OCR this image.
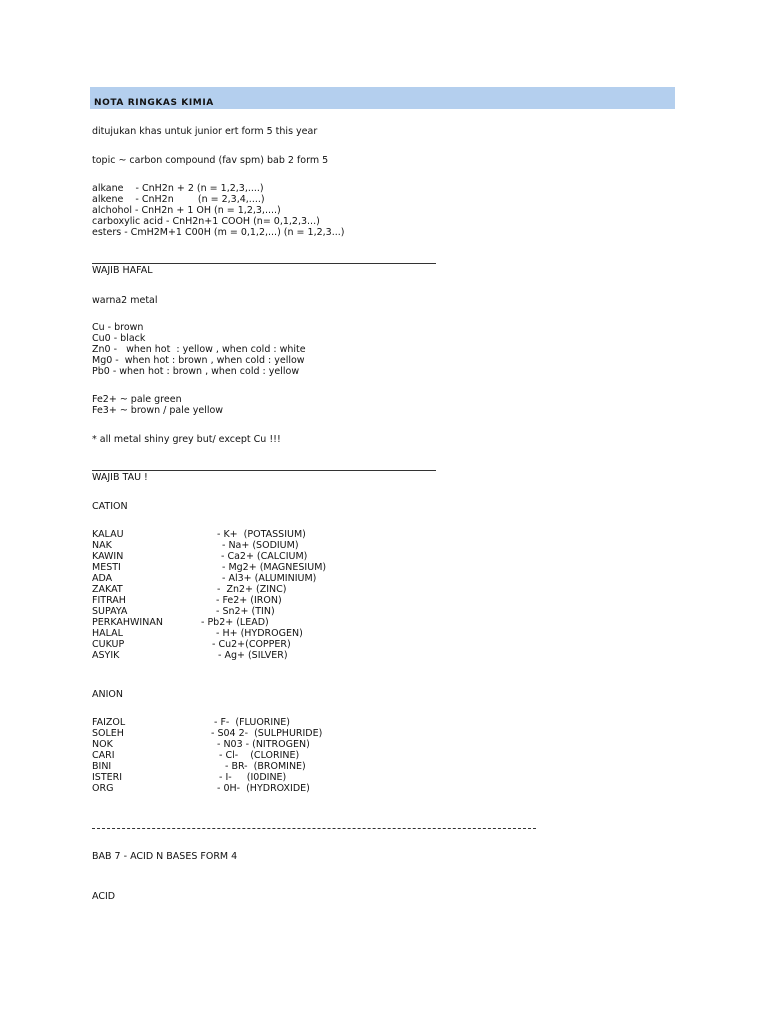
NOTA RINGKAS KIMIA
ditujukan khas untuk junior ert form 5 this year
topic ~ carbon compound (fav spm) bab 2 form 5
alkane    - CnH2n + 2 (n = 1,2,3,....)
alkene    - CnH2n        (n = 2,3,4,....)
alchohol - CnH2n + 1 OH (n = 1,2,3,....)
carboxylic acid - CnH2n+1 COOH (n= 0,1,2,3...)
esters - CmH2M+1 C00H (m = 0,1,2,...) (n = 1,2,3...)
WAJIB HAFAL
warna2 metal
Cu - brown
Cu0 - black
Zn0 -   when hot  : yellow , when cold : white
Mg0 -  when hot : brown , when cold : yellow
Pb0 - when hot : brown , when cold : yellow
Fe2+ ~ pale green
Fe3+ ~ brown / pale yellow
* all metal shiny grey but/ except Cu !!!
WAJIB TAU !
CATION
KALAU	- K+  (POTASSIUM)
NAK	- Na+ (SODIUM)
KAWIN	- Ca2+ (CALCIUM)
MESTI	- Mg2+ (MAGNESIUM)
ADA	- Al3+ (ALUMINIUM)
ZAKAT	-  Zn2+ (ZINC)
FITRAH	- Fe2+ (IRON)
SUPAYA	- Sn2+ (TIN)
PERKAHWINAN	- Pb2+ (LEAD)
HALAL	- H+ (HYDROGEN)
CUKUP	- Cu2+(COPPER)
ASYIK	- Ag+ (SILVER)
ANION
FAIZOL	- F-  (FLUORINE)
SOLEH	- S04 2-  (SULPHURIDE)
NOK	- N03 - (NITROGEN)
CARI	- Cl-    (CLORINE)
BINI	- BR-  (BROMINE)
ISTERI	- I-     (I0DINE)
ORG	- 0H-  (HYDROXIDE)
BAB 7 - ACID N BASES FORM 4
ACID
